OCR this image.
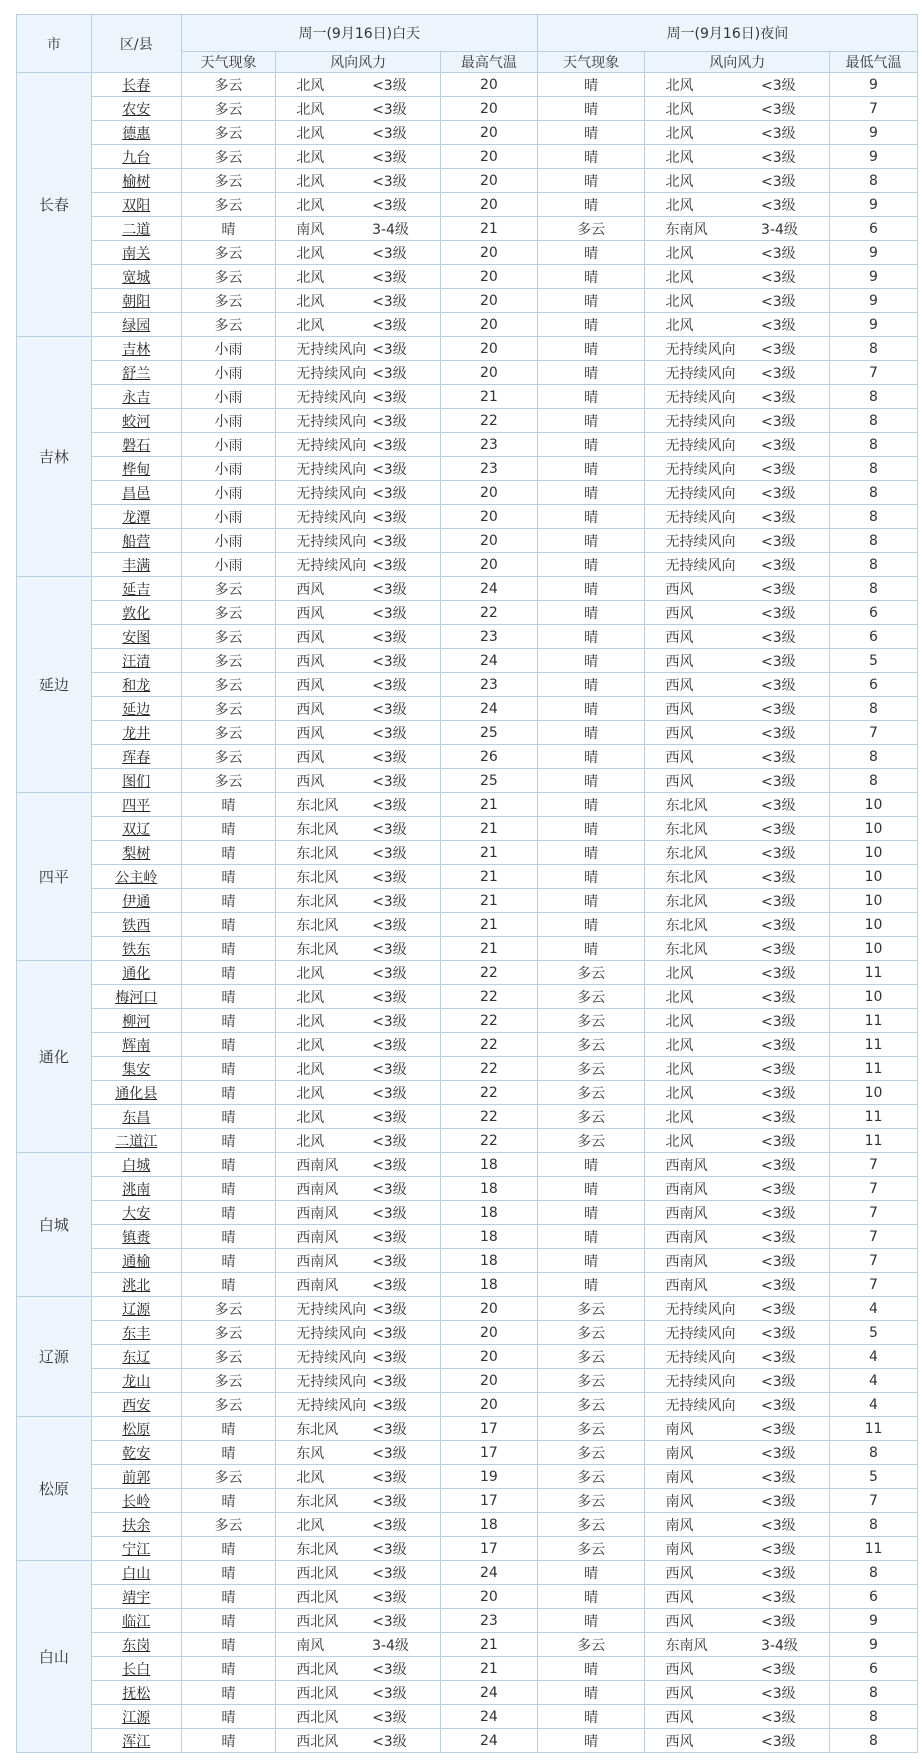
市	区/县	周一(9月16日)白天			周一(9月16日)夜间		
		天气现象	风向风力	最高气温	天气现象	风向风力	最低气温
长春	长春	多云	北风 <3级	20	晴	北风 <3级	9
	农安	多云	北风 <3级	20	晴	北风 <3级	7
	德惠	多云	北风 <3级	20	晴	北风 <3级	9
	九台	多云	北风 <3级	20	晴	北风 <3级	9
	榆树	多云	北风 <3级	20	晴	北风 <3级	8
	双阳	多云	北风 <3级	20	晴	北风 <3级	9
	二道	晴	南风 3-4级	21	多云	东南风 3-4级	6
	南关	多云	北风 <3级	20	晴	北风 <3级	9
	宽城	多云	北风 <3级	20	晴	北风 <3级	9
	朝阳	多云	北风 <3级	20	晴	北风 <3级	9
	绿园	多云	北风 <3级	20	晴	北风 <3级	9
吉林	吉林	小雨	无持续风向 <3级	20	晴	无持续风向 <3级	8
	舒兰	小雨	无持续风向 <3级	20	晴	无持续风向 <3级	7
	永吉	小雨	无持续风向 <3级	21	晴	无持续风向 <3级	8
	蛟河	小雨	无持续风向 <3级	22	晴	无持续风向 <3级	8
	磐石	小雨	无持续风向 <3级	23	晴	无持续风向 <3级	8
	桦甸	小雨	无持续风向 <3级	23	晴	无持续风向 <3级	8
	昌邑	小雨	无持续风向 <3级	20	晴	无持续风向 <3级	8
	龙潭	小雨	无持续风向 <3级	20	晴	无持续风向 <3级	8
	船营	小雨	无持续风向 <3级	20	晴	无持续风向 <3级	8
	丰满	小雨	无持续风向 <3级	20	晴	无持续风向 <3级	8
延边	延吉	多云	西风 <3级	24	晴	西风 <3级	8
	敦化	多云	西风 <3级	22	晴	西风 <3级	6
	安图	多云	西风 <3级	23	晴	西风 <3级	6
	汪清	多云	西风 <3级	24	晴	西风 <3级	5
	和龙	多云	西风 <3级	23	晴	西风 <3级	6
	延边	多云	西风 <3级	24	晴	西风 <3级	8
	龙井	多云	西风 <3级	25	晴	西风 <3级	7
	珲春	多云	西风 <3级	26	晴	西风 <3级	8
	图们	多云	西风 <3级	25	晴	西风 <3级	8
四平	四平	晴	东北风 <3级	21	晴	东北风 <3级	10
	双辽	晴	东北风 <3级	21	晴	东北风 <3级	10
	梨树	晴	东北风 <3级	21	晴	东北风 <3级	10
	公主岭	晴	东北风 <3级	21	晴	东北风 <3级	10
	伊通	晴	东北风 <3级	21	晴	东北风 <3级	10
	铁西	晴	东北风 <3级	21	晴	东北风 <3级	10
	铁东	晴	东北风 <3级	21	晴	东北风 <3级	10
通化	通化	晴	北风 <3级	22	多云	北风 <3级	11
	梅河口	晴	北风 <3级	22	多云	北风 <3级	10
	柳河	晴	北风 <3级	22	多云	北风 <3级	11
	辉南	晴	北风 <3级	22	多云	北风 <3级	11
	集安	晴	北风 <3级	22	多云	北风 <3级	11
	通化县	晴	北风 <3级	22	多云	北风 <3级	10
	东昌	晴	北风 <3级	22	多云	北风 <3级	11
	二道江	晴	北风 <3级	22	多云	北风 <3级	11
白城	白城	晴	西南风 <3级	18	晴	西南风 <3级	7
	洮南	晴	西南风 <3级	18	晴	西南风 <3级	7
	大安	晴	西南风 <3级	18	晴	西南风 <3级	7
	镇赉	晴	西南风 <3级	18	晴	西南风 <3级	7
	通榆	晴	西南风 <3级	18	晴	西南风 <3级	7
	洮北	晴	西南风 <3级	18	晴	西南风 <3级	7
辽源	辽源	多云	无持续风向 <3级	20	多云	无持续风向 <3级	4
	东丰	多云	无持续风向 <3级	20	多云	无持续风向 <3级	5
	东辽	多云	无持续风向 <3级	20	多云	无持续风向 <3级	4
	龙山	多云	无持续风向 <3级	20	多云	无持续风向 <3级	4
	西安	多云	无持续风向 <3级	20	多云	无持续风向 <3级	4
松原	松原	晴	东北风 <3级	17	多云	南风 <3级	11
	乾安	晴	东风 <3级	17	多云	南风 <3级	8
	前郭	多云	北风 <3级	19	多云	南风 <3级	5
	长岭	晴	东北风 <3级	17	多云	南风 <3级	7
	扶余	多云	北风 <3级	18	多云	南风 <3级	8
	宁江	晴	东北风 <3级	17	多云	南风 <3级	11
白山	白山	晴	西北风 <3级	24	晴	西风 <3级	8
	靖宇	晴	西北风 <3级	20	晴	西风 <3级	6
	临江	晴	西北风 <3级	23	晴	西风 <3级	9
	东岗	晴	南风 3-4级	21	多云	东南风 3-4级	9
	长白	晴	西北风 <3级	21	晴	西风 <3级	6
	抚松	晴	西北风 <3级	24	晴	西风 <3级	8
	江源	晴	西北风 <3级	24	晴	西风 <3级	8
	浑江	晴	西北风 <3级	24	晴	西风 <3级	8
